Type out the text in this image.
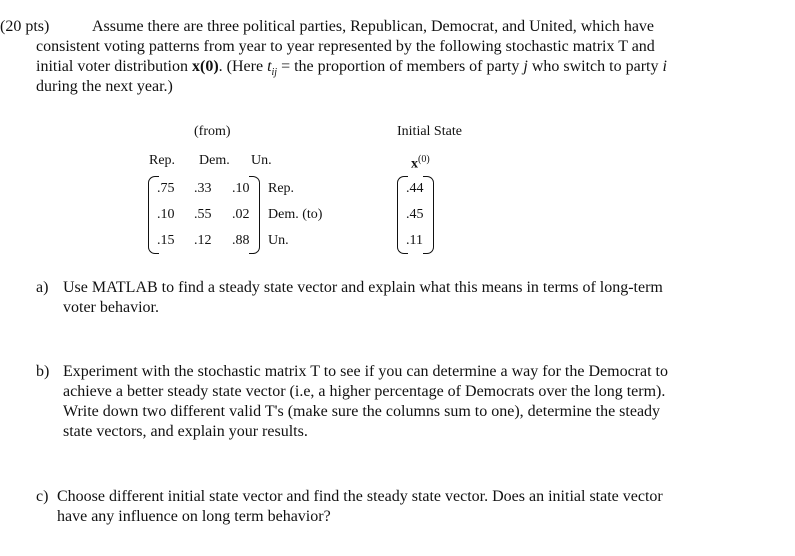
(20 pts)	Assume there are three political parties, Republican, Democrat, and United, which have
consistent voting patterns from year to year represented by the following stochastic matrix T and
initial voter distribution x(0). (Here $t_{ij}$ = the proportion of members of party j who switch to party i
during the next year.)
(from)
Rep. Dem. Un.
.75 .33 .10
.10 .55 .02
.15 .12 .88
Rep.
Dem. (to)
Un.
Initial State
$x^{(0)}$
.44
.45
.11
a) Use MATLAB to find a steady state vector and explain what this means in terms of long-term
voter behavior.
b) Experiment with the stochastic matrix T to see if you can determine a way for the Democrat to
achieve a better steady state vector (i.e, a higher percentage of Democrats over the long term).
Write down two different valid T's (make sure the columns sum to one), determine the steady
state vectors, and explain your results.
c) Choose different initial state vector and find the steady state vector. Does an initial state vector
have any influence on long term behavior?
